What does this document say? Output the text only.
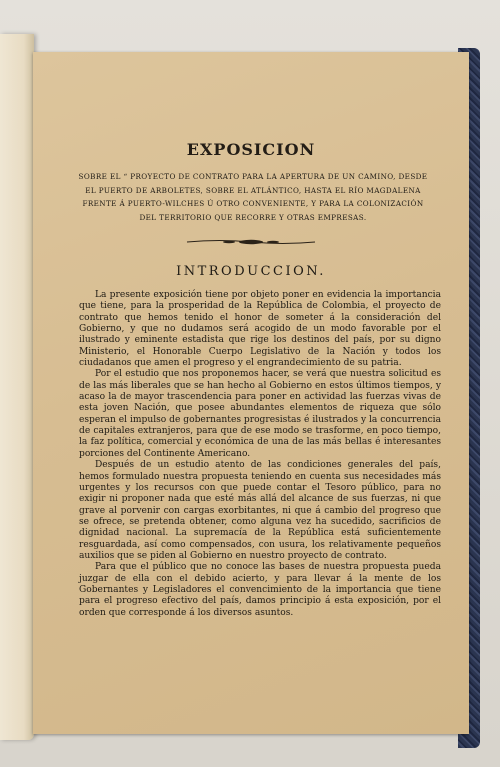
EXPOSICION
SOBRE EL “ PROYECTO DE CONTRATO PARA LA APERTURA DE UN CAMINO, DESDE EL PUERTO DE ARBOLETES, SOBRE EL ATLÁNTICO, HASTA EL RÍO MAGDALENA FRENTE Á PUERTO-WILCHES Ú OTRO CONVENIENTE, Y PARA LA COLONIZACIÓN DEL TERRITORIO QUE RECORRE Y OTRAS EMPRESAS.
INTRODUCCION.

La presente exposición tiene por objeto poner en evidencia la importancia que tiene, para la prosperidad de la República de Colombia, el proyecto de contrato que hemos tenido el honor de someter á la consideración del Gobierno, y que no dudamos será acogido de un modo favorable por el ilustrado y eminente estadista que rige los destinos del país, por su digno Ministerio, el Honorable Cuerpo Legislativo de la Nación y todos los ciudadanos que amen el progreso y el engrandecimiento de su patria.

Por el estudio que nos proponemos hacer, se verá que nuestra solicitud es de las más liberales que se han hecho al Gobierno en estos últimos tiempos, y acaso la de mayor trascendencia para poner en actividad las fuerzas vivas de esta joven Nación, que posee abundantes elementos de riqueza que sólo esperan el impulso de gobernantes progresistas é ilustrados y la concurrencia de capitales extranjeros, para que de ese modo se trasforme, en poco tiempo, la faz política, comercial y económica de una de las más bellas é interesantes porciones del Continente Americano.

Después de un estudio atento de las condiciones generales del país, hemos formulado nuestra propuesta teniendo en cuenta sus necesidades más urgentes y los recursos con que puede contar el Tesoro público, para no exigir ni proponer nada que esté más allá del alcance de sus fuerzas, ni que grave al porvenir con cargas exorbitantes, ni que á cambio del progreso que se ofrece, se pretenda obtener, como alguna vez ha sucedido, sacrificios de dignidad nacional. La supremacía de la República está suficientemente resguardada, así como compensados, con usura, los relativamente pequeños auxilios que se piden al Gobierno en nuestro proyecto de contrato.

Para que el público que no conoce las bases de nuestra propuesta pueda juzgar de ella con el debido acierto, y para llevar á la mente de los Gobernantes y Legisladores el convencimiento de la importancia que tiene para el progreso efectivo del país, damos principio á esta exposición, por el orden que corresponde á los diversos asuntos.
